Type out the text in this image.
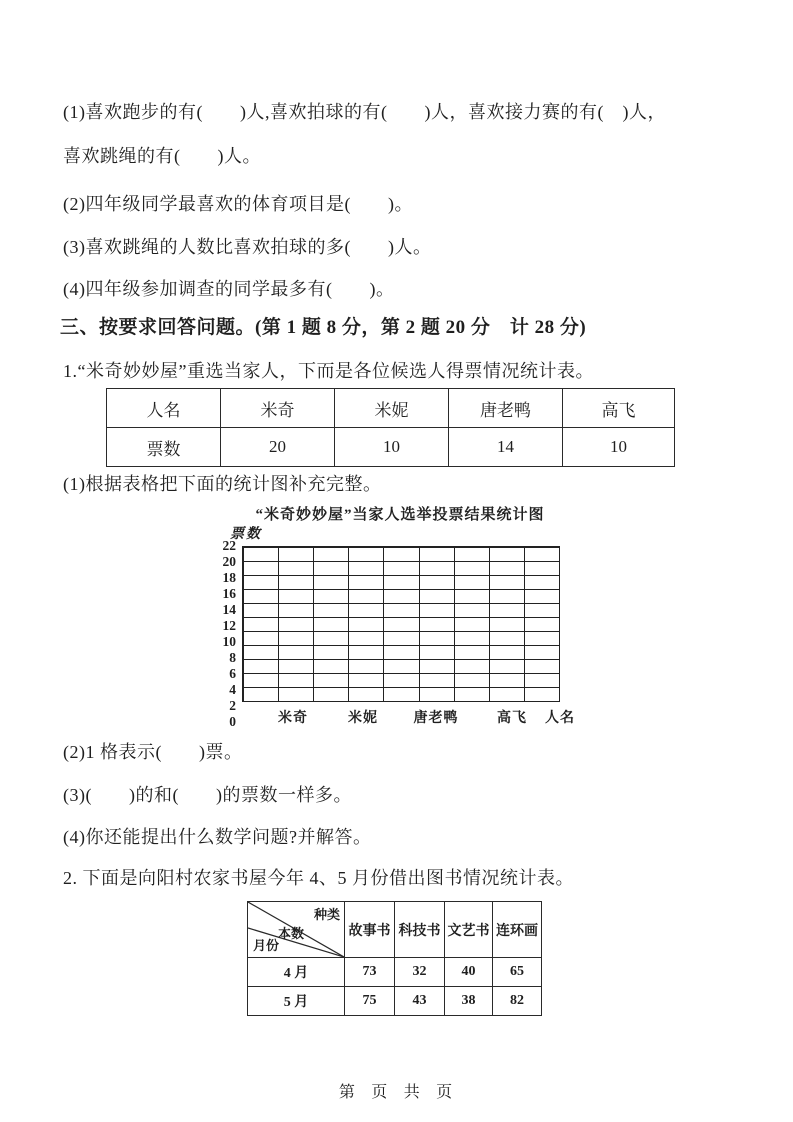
(1)喜欢跑步的有(　　)人,喜欢拍球的有(　　)人，喜欢接力赛的有(　)人，
喜欢跳绳的有(　　)人。
(2)四年级同学最喜欢的体育项目是(　　)。
(3)喜欢跳绳的人数比喜欢拍球的多(　　)人。
(4)四年级参加调查的同学最多有(　　)。
三、按要求回答问题。(第 1 题 8 分，第 2 题 20 分　计 28 分)
1.“米奇妙妙屋”重选当家人，下而是各位候选人得票情况统计表。
人名	米奇	米妮	唐老鸭	高飞
票数	20	10	14	10
(1)根据表格把下面的统计图补充完整。
“米奇妙妙屋”当家人选举投票结果统计图
票数
22
20
18
16
14
12
10
8
6
4
2
0	米奇	米妮	唐老鸭	高飞 人名
(2)1 格表示(　　)票。
(3)(　　)的和(　　)的票数一样多。
(4)你还能提出什么数学问题?并解答。
2. 下面是向阳村农家书屋今年 4、5 月份借出图书情况统计表。
种类
本数
月份	故事书	科技书	文艺书	连环画
4 月	73	32	40	65
5 月	75	43	38	82
第 页 共 页
